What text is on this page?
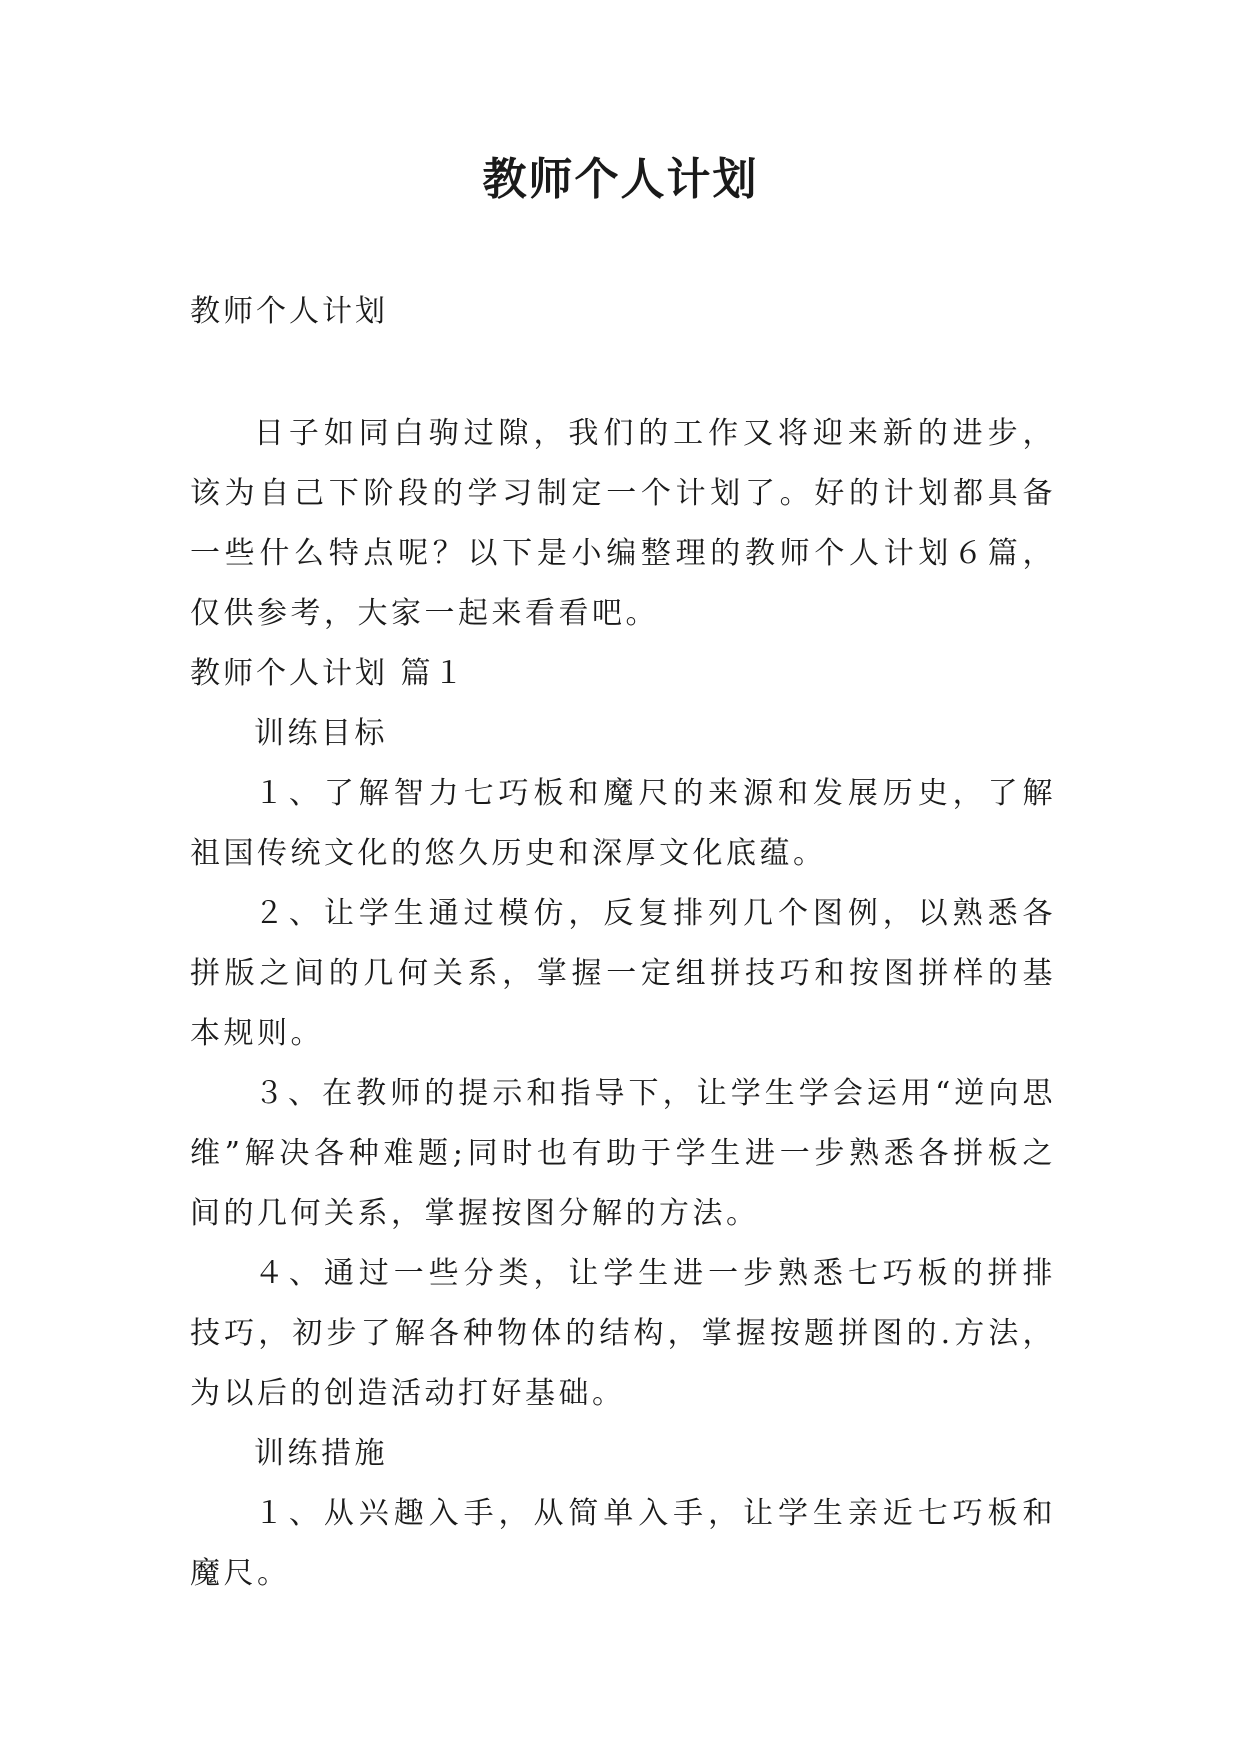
教师个人计划

教师个人计划

日子如同白驹过隙，我们的工作又将迎来新的进步，该为自己下阶段的学习制定一个计划了。好的计划都具备一些什么特点呢？以下是小编整理的教师个人计划６篇，仅供参考，大家一起来看看吧。

教师个人计划 篇１

训练目标

１、了解智力七巧板和魔尺的来源和发展历史，了解祖国传统文化的悠久历史和深厚文化底蕴。

２、让学生通过模仿，反复排列几个图例，以熟悉各拼版之间的几何关系，掌握一定组拼技巧和按图拼样的基本规则。

３、在教师的提示和指导下，让学生学会运用“逆向思维”解决各种难题;同时也有助于学生进一步熟悉各拼板之间的几何关系，掌握按图分解的方法。

４、通过一些分类，让学生进一步熟悉七巧板的拼排技巧，初步了解各种物体的结构，掌握按题拼图的.方法，为以后的创造活动打好基础。

训练措施

１、从兴趣入手，从简单入手，让学生亲近七巧板和魔尺。
